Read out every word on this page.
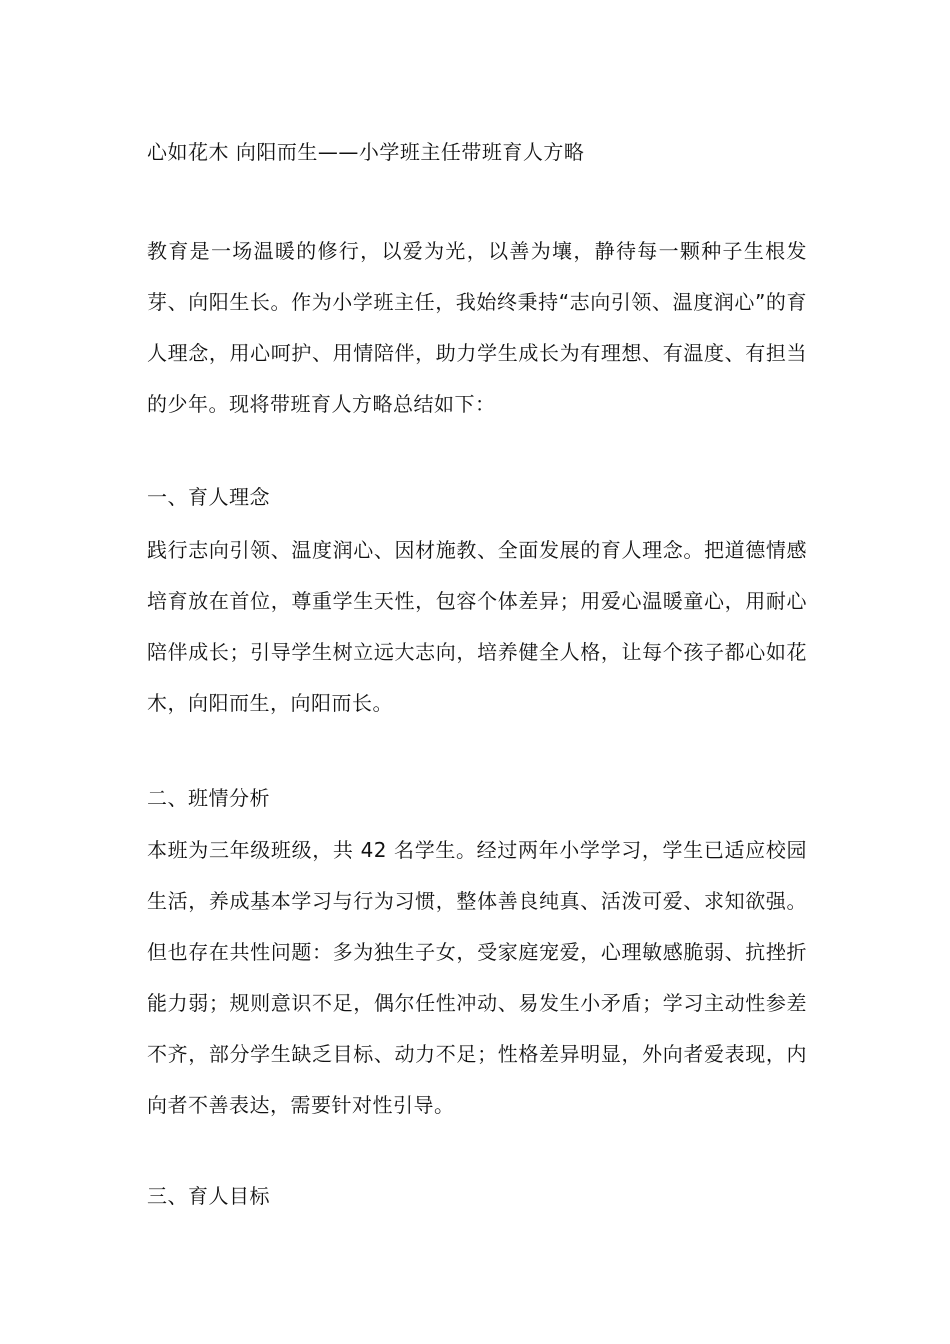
心如花木 向阳而生——小学班主任带班育人方略
教育是一场温暖的修行，以爱为光，以善为壤，静待每一颗种子生根发芽、向阳生长。作为小学班主任，我始终秉持“志向引领、温度润心”的育人理念，用心呵护、用情陪伴，助力学生成长为有理想、有温度、有担当的少年。现将带班育人方略总结如下：
一、育人理念
践行志向引领、温度润心、因材施教、全面发展的育人理念。把道德情感培育放在首位，尊重学生天性，包容个体差异；用爱心温暖童心，用耐心陪伴成长；引导学生树立远大志向，培养健全人格，让每个孩子都心如花木，向阳而生，向阳而长。
二、班情分析
本班为三年级班级，共 42 名学生。经过两年小学学习，学生已适应校园生活，养成基本学习与行为习惯，整体善良纯真、活泼可爱、求知欲强。但也存在共性问题：多为独生子女，受家庭宠爱，心理敏感脆弱、抗挫折能力弱；规则意识不足，偶尔任性冲动、易发生小矛盾；学习主动性参差不齐，部分学生缺乏目标、动力不足；性格差异明显，外向者爱表现，内向者不善表达，需要针对性引导。
三、育人目标
